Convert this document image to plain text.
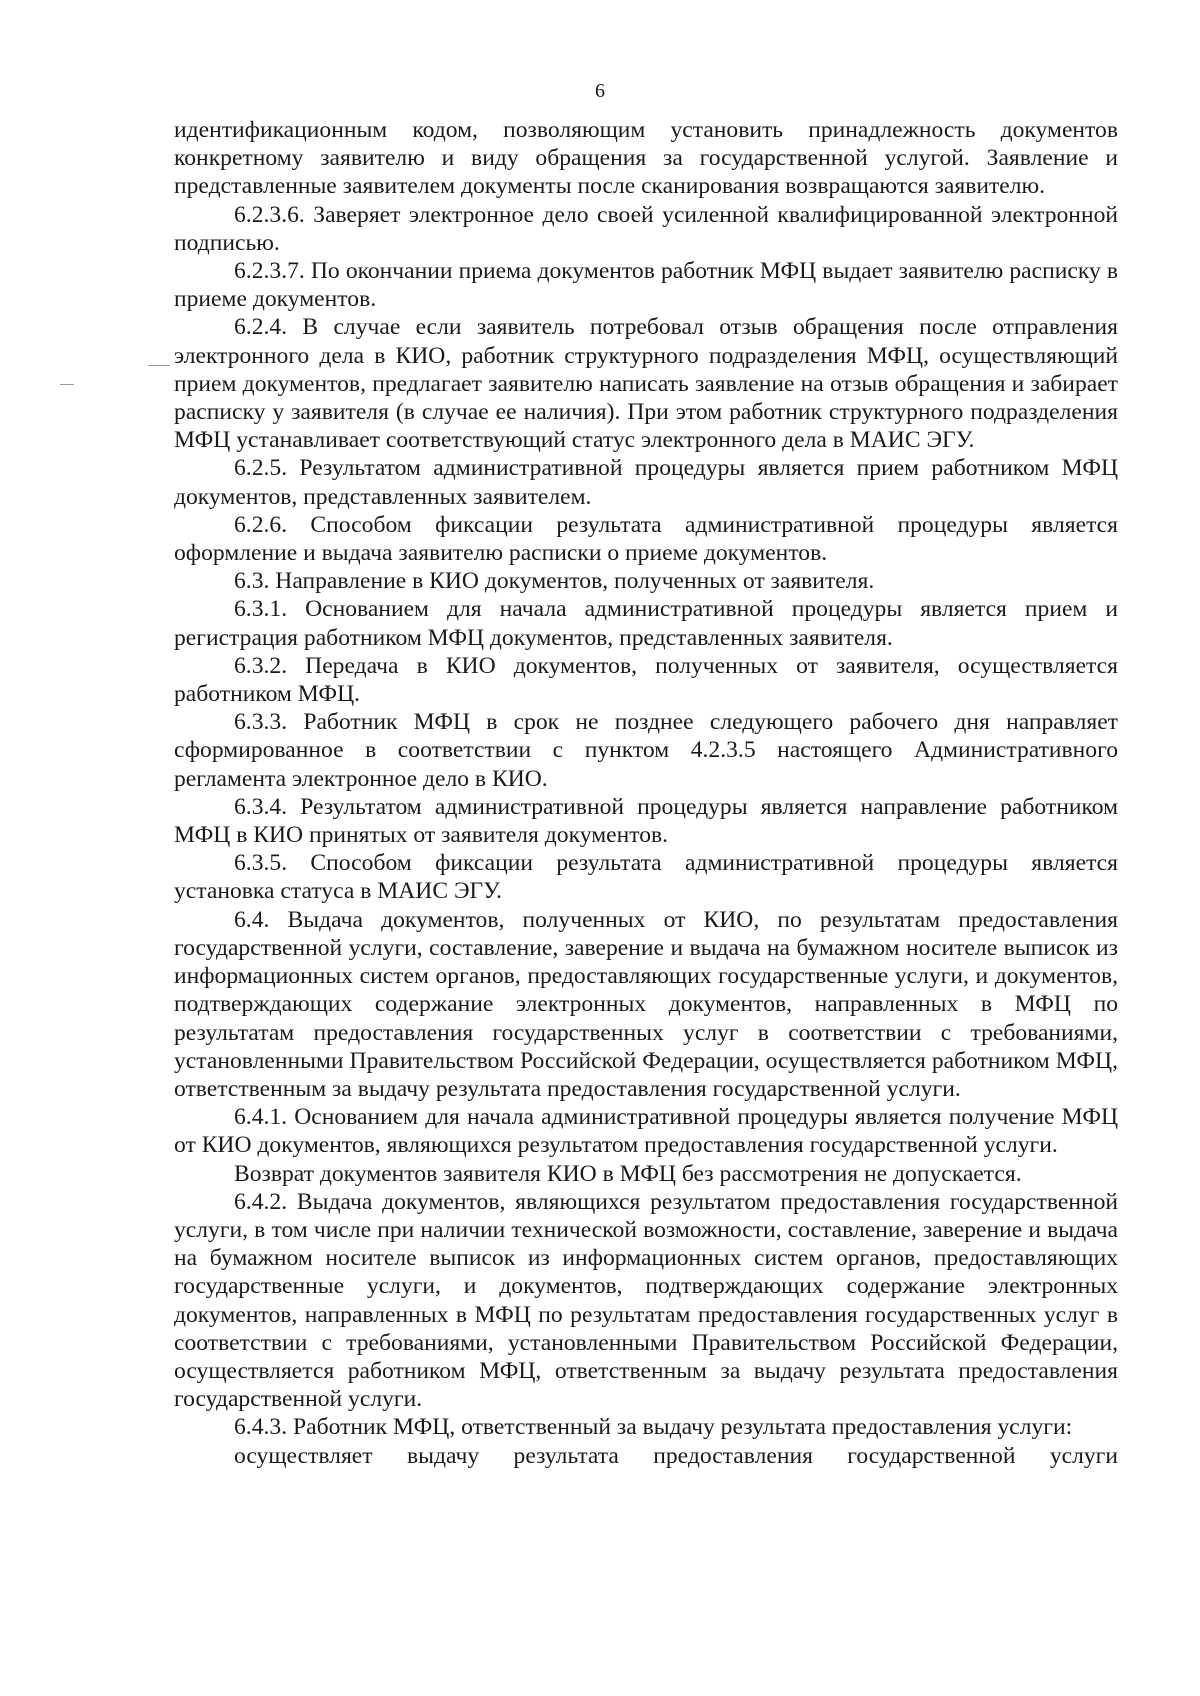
6

идентификационным кодом, позволяющим установить принадлежность документов конкретному заявителю и виду обращения за государственной услугой. Заявление и представленные заявителем документы после сканирования возвращаются заявителю.

6.2.3.6. Заверяет электронное дело своей усиленной квалифицированной электронной подписью.

6.2.3.7. По окончании приема документов работник МФЦ выдает заявителю расписку в приеме документов.

6.2.4. В случае если заявитель потребовал отзыв обращения после отправления электронного дела в КИО, работник структурного подразделения МФЦ, осуществляющий прием документов, предлагает заявителю написать заявление на отзыв обращения и забирает расписку у заявителя (в случае ее наличия). При этом работник структурного подразделения МФЦ устанавливает соответствующий статус электронного дела в МАИС ЭГУ.

6.2.5. Результатом административной процедуры является прием работником МФЦ документов, представленных заявителем.

6.2.6. Способом фиксации результата административной процедуры является оформление и выдача заявителю расписки о приеме документов.

6.3. Направление в КИО документов, полученных от заявителя.

6.3.1. Основанием для начала административной процедуры является прием и регистрация работником МФЦ документов, представленных заявителя.

6.3.2. Передача в КИО документов, полученных от заявителя, осуществляется работником МФЦ.

6.3.3. Работник МФЦ в срок не позднее следующего рабочего дня направляет сформированное в соответствии с пунктом 4.2.3.5 настоящего Административного регламента электронное дело в КИО.

6.3.4. Результатом административной процедуры является направление работником МФЦ в КИО принятых от заявителя документов.

6.3.5. Способом фиксации результата административной процедуры является установка статуса в МАИС ЭГУ.

6.4. Выдача документов, полученных от КИО, по результатам предоставления государственной услуги, составление, заверение и выдача на бумажном носителе выписок из информационных систем органов, предоставляющих государственные услуги, и документов, подтверждающих содержание электронных документов, направленных в МФЦ по результатам предоставления государственных услуг в соответствии с требованиями, установленными Правительством Российской Федерации, осуществляется работником МФЦ, ответственным за выдачу результата предоставления государственной услуги.

6.4.1. Основанием для начала административной процедуры является получение МФЦ от КИО документов, являющихся результатом предоставления государственной услуги.

Возврат документов заявителя КИО в МФЦ без рассмотрения не допускается.

6.4.2. Выдача документов, являющихся результатом предоставления государственной услуги, в том числе при наличии технической возможности, составление, заверение и выдача на бумажном носителе выписок из информационных систем органов, предоставляющих государственные услуги, и документов, подтверждающих содержание электронных документов, направленных в МФЦ по результатам предоставления государственных услуг в соответствии с требованиями, установленными Правительством Российской Федерации, осуществляется работником МФЦ, ответственным за выдачу результата предоставления государственной услуги.

6.4.3. Работник МФЦ, ответственный за выдачу результата предоставления услуги:

осуществляет выдачу результата предоставления государственной услуги
